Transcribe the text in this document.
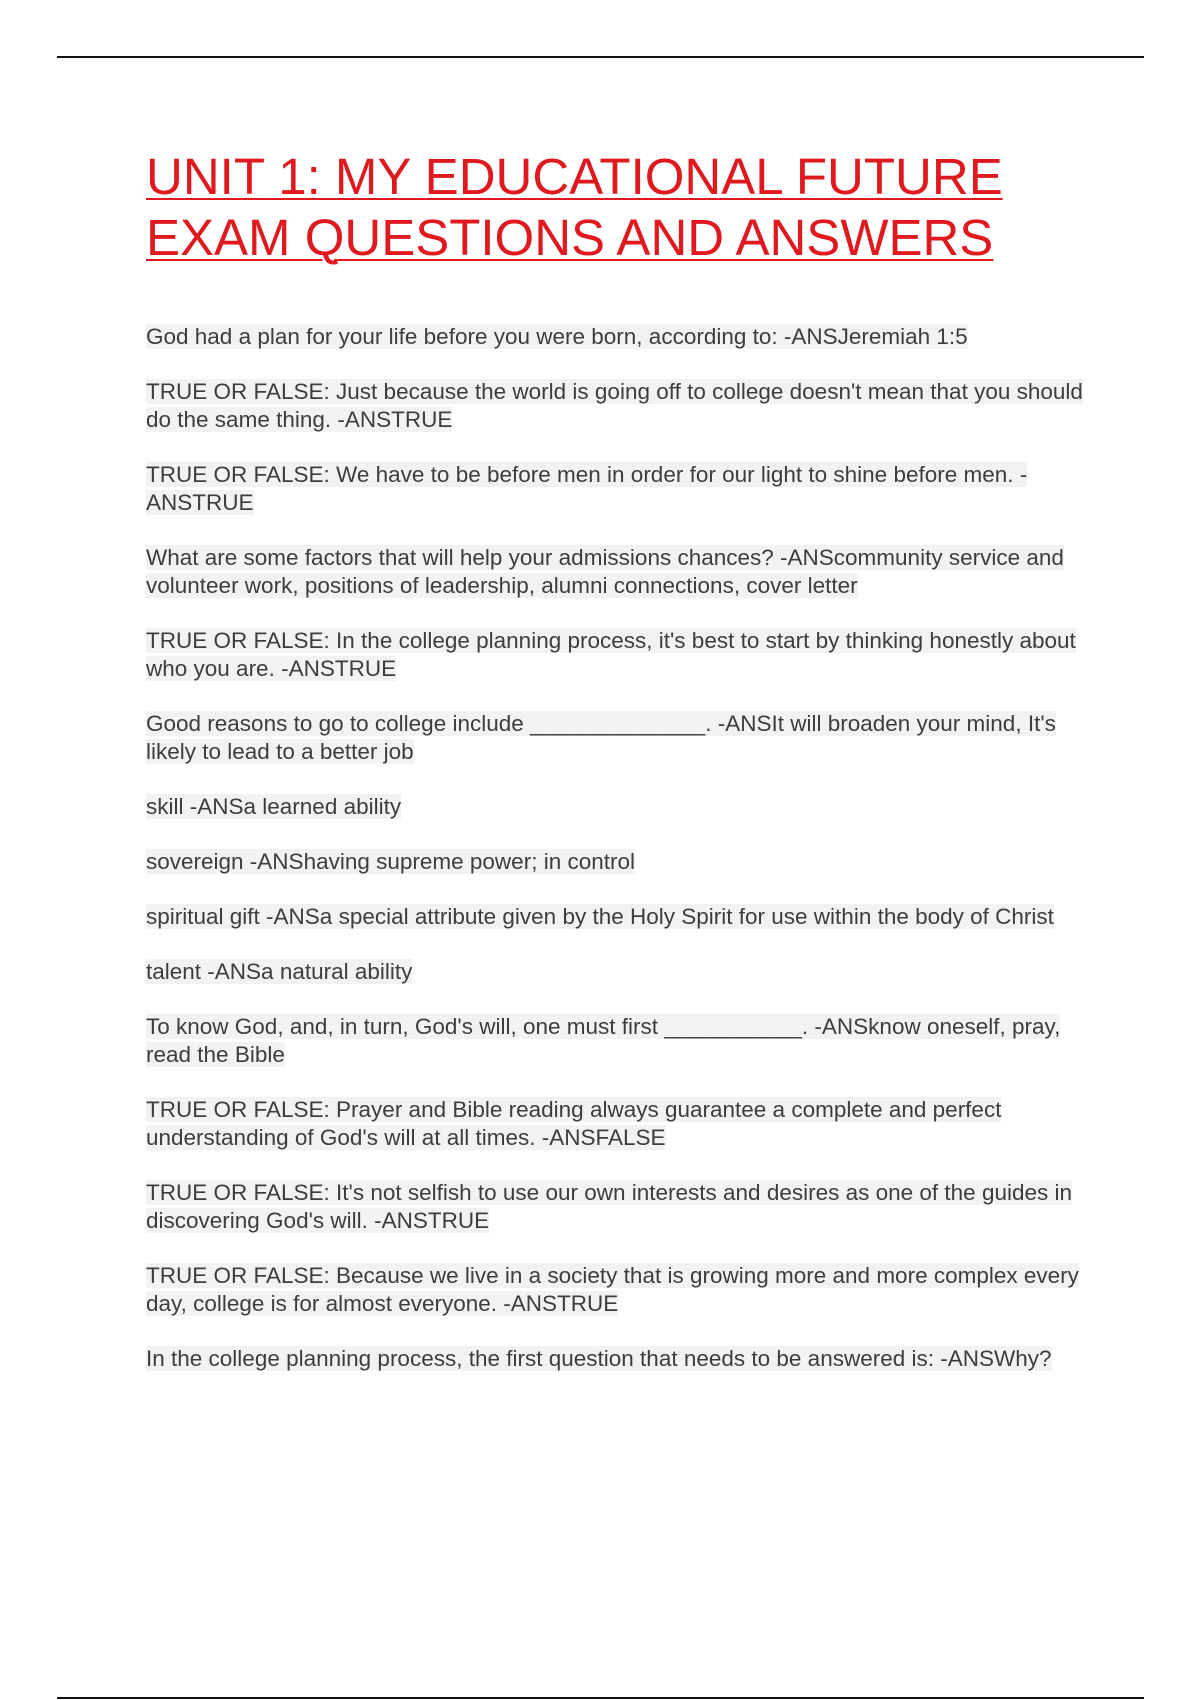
UNIT 1: MY EDUCATIONAL FUTURE
EXAM QUESTIONS AND ANSWERS

God had a plan for your life before you were born, according to: -ANSJeremiah 1:5

TRUE OR FALSE: Just because the world is going off to college doesn't mean that you should do the same thing. -ANSTRUE

TRUE OR FALSE: We have to be before men in order for our light to shine before men. -ANSTRUE

What are some factors that will help your admissions chances? -ANScommunity service and volunteer work, positions of leadership, alumni connections, cover letter

TRUE OR FALSE: In the college planning process, it's best to start by thinking honestly about who you are. -ANSTRUE

Good reasons to go to college include ______________. -ANSIt will broaden your mind, It's likely to lead to a better job

skill -ANSa learned ability

sovereign -ANShaving supreme power; in control

spiritual gift -ANSa special attribute given by the Holy Spirit for use within the body of Christ

talent -ANSa natural ability

To know God, and, in turn, God's will, one must first ___________. -ANSknow oneself, pray, read the Bible

TRUE OR FALSE: Prayer and Bible reading always guarantee a complete and perfect understanding of God's will at all times. -ANSFALSE

TRUE OR FALSE: It's not selfish to use our own interests and desires as one of the guides in discovering God's will. -ANSTRUE

TRUE OR FALSE: Because we live in a society that is growing more and more complex every day, college is for almost everyone. -ANSTRUE

In the college planning process, the first question that needs to be answered is: -ANSWhy?
